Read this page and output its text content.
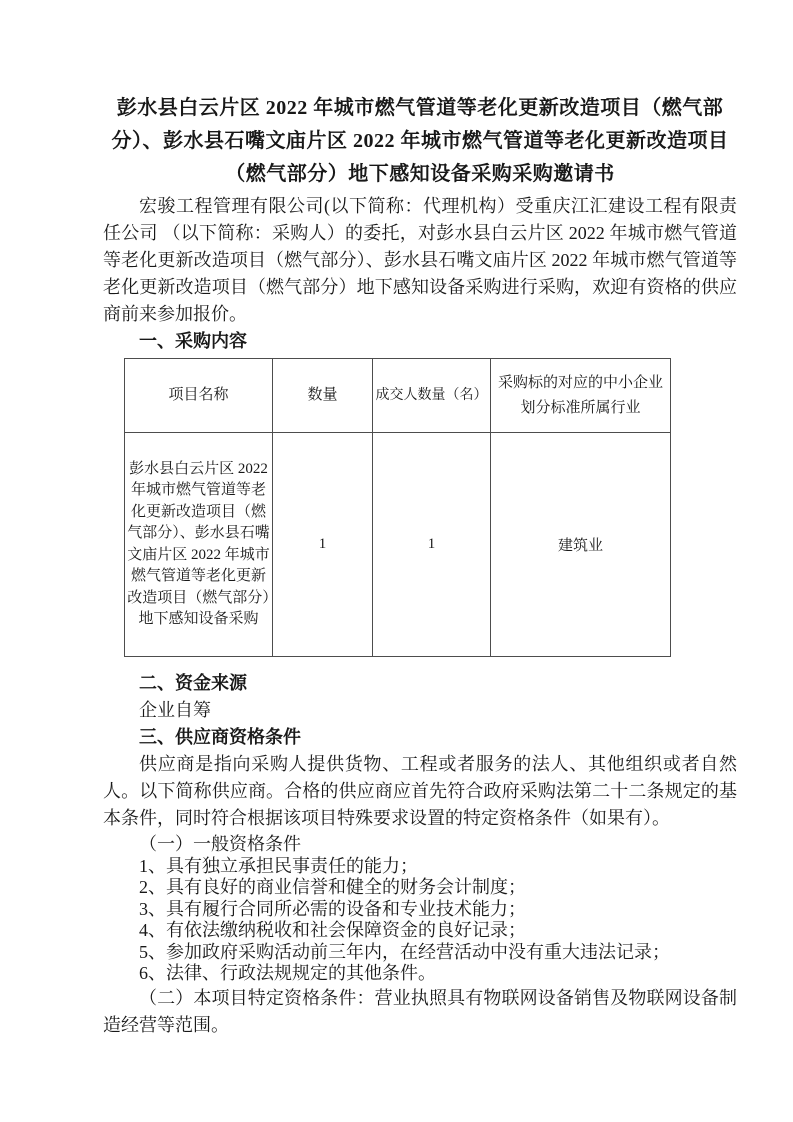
彭水县白云片区 2022 年城市燃气管道等老化更新改造项目（燃气部分）、彭水县石嘴文庙片区 2022 年城市燃气管道等老化更新改造项目（燃气部分）地下感知设备采购采购邀请书

宏骏工程管理有限公司(以下简称：代理机构）受重庆江汇建设工程有限责任公司 （以下简称：采购人）的委托，对彭水县白云片区 2022 年城市燃气管道等老化更新改造项目（燃气部分）、彭水县石嘴文庙片区 2022 年城市燃气管道等老化更新改造项目（燃气部分）地下感知设备采购进行采购，欢迎有资格的供应商前来参加报价。

一、采购内容
项目名称	数量	成交人数量（名）	采购标的对应的中小企业划分标准所属行业
彭水县白云片区 2022 年城市燃气管道等老化更新改造项目（燃气部分）、彭水县石嘴文庙片区 2022 年城市燃气管道等老化更新改造项目（燃气部分）地下感知设备采购	1	1	建筑业
二、资金来源

企业自筹

三、供应商资格条件

供应商是指向采购人提供货物、工程或者服务的法人、其他组织或者自然人。以下简称供应商。合格的供应商应首先符合政府采购法第二十二条规定的基本条件，同时符合根据该项目特殊要求设置的特定资格条件（如果有）。

（一）一般资格条件

1、具有独立承担民事责任的能力；

2、具有良好的商业信誉和健全的财务会计制度；

3、具有履行合同所必需的设备和专业技术能力；

4、有依法缴纳税收和社会保障资金的良好记录；

5、参加政府采购活动前三年内，在经营活动中没有重大违法记录；

6、法律、行政法规规定的其他条件。

（二）本项目特定资格条件：营业执照具有物联网设备销售及物联网设备制造经营等范围。
